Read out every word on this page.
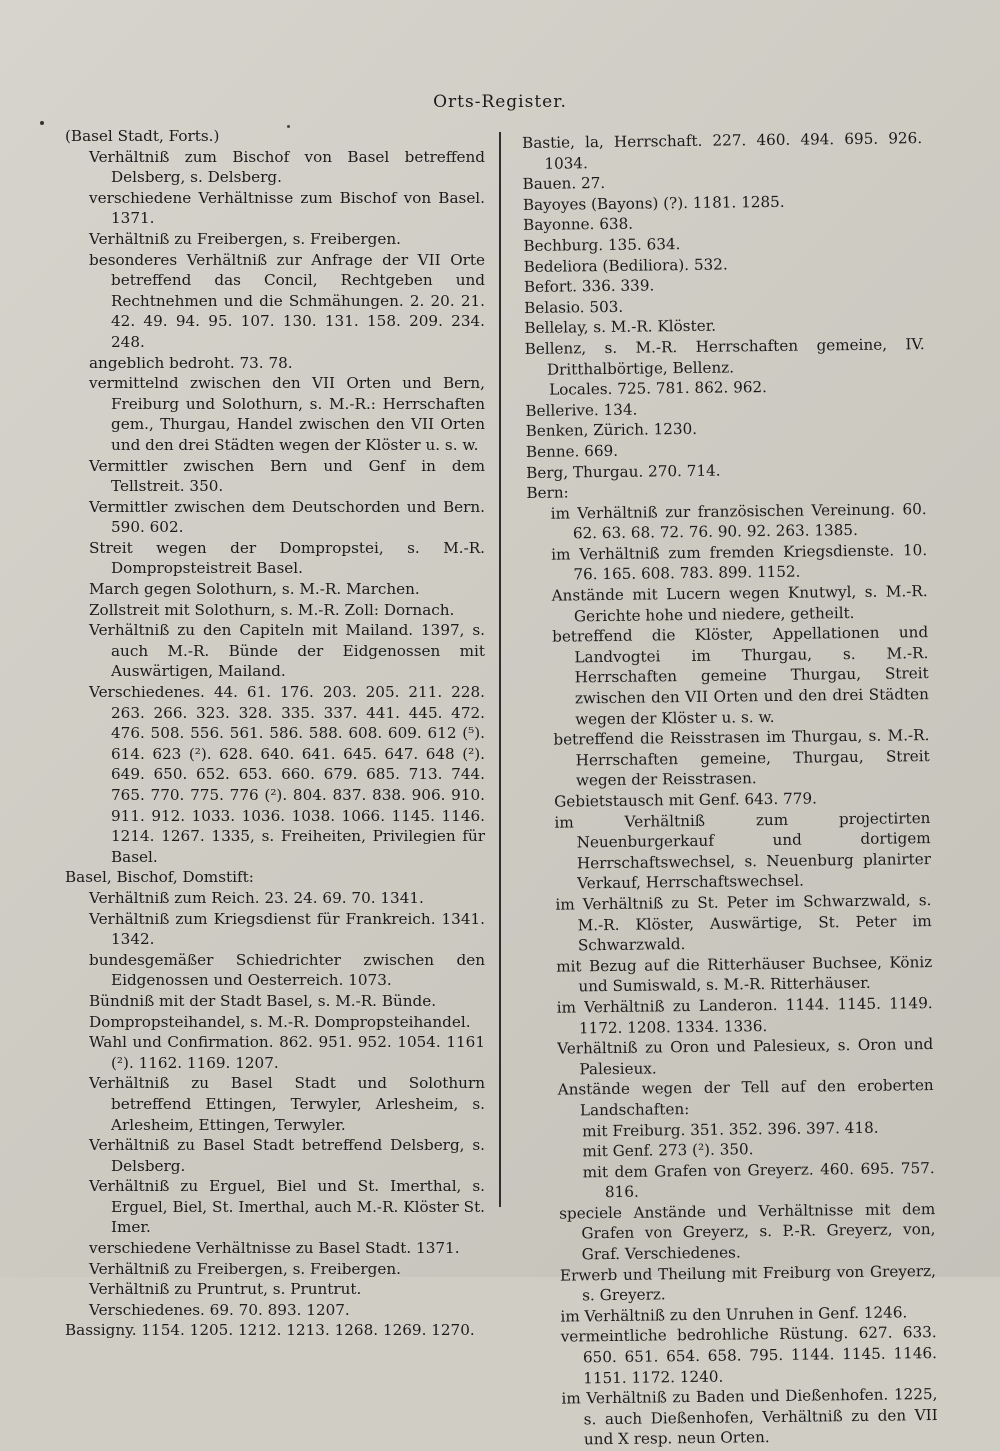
Orts-Register.
(Basel Stadt, Forts.)
Verhältniß zum Bischof von Basel betreffend Delsberg, s. Delsberg.
verschiedene Verhältnisse zum Bischof von Basel. 1371.
Verhältniß zu Freibergen, s. Freibergen.
besonderes Verhältniß zur Anfrage der VII Orte betreffend das Concil, Rechtgeben und Rechtnehmen und die Schmähungen. 2. 20. 21. 42. 49. 94. 95. 107. 130. 131. 158. 209. 234. 248.
angeblich bedroht. 73. 78.
vermittelnd zwischen den VII Orten und Bern, Freiburg und Solothurn, s. M.-R.: Herrschaften gem., Thurgau, Handel zwischen den VII Orten und den drei Städten wegen der Klöster u. s. w.
Vermittler zwischen Bern und Genf in dem Tellstreit. 350.
Vermittler zwischen dem Deutschorden und Bern. 590. 602.
Streit wegen der Dompropstei, s. M.-R. Dompropsteistreit Basel.
March gegen Solothurn, s. M.-R. Marchen.
Zollstreit mit Solothurn, s. M.-R. Zoll: Dornach.
Verhältniß zu den Capiteln mit Mailand. 1397, s. auch M.-R. Bünde der Eidgenossen mit Auswärtigen, Mailand.
Verschiedenes. 44. 61. 176. 203. 205. 211. 228. 263. 266. 323. 328. 335. 337. 441. 445. 472. 476. 508. 556. 561. 586. 588. 608. 609. 612 (⁵). 614. 623 (²). 628. 640. 641. 645. 647. 648 (²). 649. 650. 652. 653. 660. 679. 685. 713. 744. 765. 770. 775. 776 (²). 804. 837. 838. 906. 910. 911. 912. 1033. 1036. 1038. 1066. 1145. 1146. 1214. 1267. 1335, s. Freiheiten, Privilegien für Basel.
Basel, Bischof, Domstift:
Verhältniß zum Reich. 23. 24. 69. 70. 1341.
Verhältniß zum Kriegsdienst für Frankreich. 1341. 1342.
bundesgemäßer Schiedrichter zwischen den Eidgenossen und Oesterreich. 1073.
Bündniß mit der Stadt Basel, s. M.-R. Bünde.
Dompropsteihandel, s. M.-R. Dompropsteihandel.
Wahl und Confirmation. 862. 951. 952. 1054. 1161 (²). 1162. 1169. 1207.
Verhältniß zu Basel Stadt und Solothurn betreffend Ettingen, Terwyler, Arlesheim, s. Arlesheim, Ettingen, Terwyler.
Verhältniß zu Basel Stadt betreffend Delsberg, s. Delsberg.
Verhältniß zu Erguel, Biel und St. Imerthal, s. Erguel, Biel, St. Imerthal, auch M.-R. Klöster St. Imer.
verschiedene Verhältnisse zu Basel Stadt. 1371.
Verhältniß zu Freibergen, s. Freibergen.
Verhältniß zu Pruntrut, s. Pruntrut.
Verschiedenes. 69. 70. 893. 1207.
Bassigny. 1154. 1205. 1212. 1213. 1268. 1269. 1270.
Bastie, la, Herrschaft. 227. 460. 494. 695. 926. 1034.
Bauen. 27.
Bayoyes (Bayons) (?). 1181. 1285.
Bayonne. 638.
Bechburg. 135. 634.
Bedeliora (Bediliora). 532.
Befort. 336. 339.
Belasio. 503.
Bellelay, s. M.-R. Klöster.
Bellenz, s. M.-R. Herrschaften gemeine, IV. Dritthalbörtige, Bellenz.
Locales. 725. 781. 862. 962.
Bellerive. 134.
Benken, Zürich. 1230.
Benne. 669.
Berg, Thurgau. 270. 714.
Bern:
im Verhältniß zur französischen Vereinung. 60. 62. 63. 68. 72. 76. 90. 92. 263. 1385.
im Verhältniß zum fremden Kriegsdienste. 10. 76. 165. 608. 783. 899. 1152.
Anstände mit Lucern wegen Knutwyl, s. M.-R. Gerichte hohe und niedere, getheilt.
betreffend die Klöster, Appellationen und Landvogtei im Thurgau, s. M.-R. Herrschaften gemeine Thurgau, Streit zwischen den VII Orten und den drei Städten wegen der Klöster u. s. w.
betreffend die Reisstrasen im Thurgau, s. M.-R. Herrschaften gemeine, Thurgau, Streit wegen der Reisstrasen.
Gebietstausch mit Genf. 643. 779.
im Verhältniß zum projectirten Neuenburgerkauf und dortigem Herrschaftswechsel, s. Neuenburg planirter Verkauf, Herrschaftswechsel.
im Verhältniß zu St. Peter im Schwarzwald, s. M.-R. Klöster, Auswärtige, St. Peter im Schwarzwald.
mit Bezug auf die Ritterhäuser Buchsee, Köniz und Sumiswald, s. M.-R. Ritterhäuser.
im Verhältniß zu Landeron. 1144. 1145. 1149. 1172. 1208. 1334. 1336.
Verhältniß zu Oron und Palesieux, s. Oron und Palesieux.
Anstände wegen der Tell auf den eroberten Landschaften:
mit Freiburg. 351. 352. 396. 397. 418.
mit Genf. 273 (²). 350.
mit dem Grafen von Greyerz. 460. 695. 757. 816.
speciele Anstände und Verhältnisse mit dem Grafen von Greyerz, s. P.-R. Greyerz, von, Graf. Verschiedenes.
Erwerb und Theilung mit Freiburg von Greyerz, s. Greyerz.
im Verhältniß zu den Unruhen in Genf. 1246.
vermeintliche bedrohliche Rüstung. 627. 633. 650. 651. 654. 658. 795. 1144. 1145. 1146. 1151. 1172. 1240.
im Verhältniß zu Baden und Dießenhofen. 1225, s. auch Dießenhofen, Verhältniß zu den VII und X resp. neun Orten.
